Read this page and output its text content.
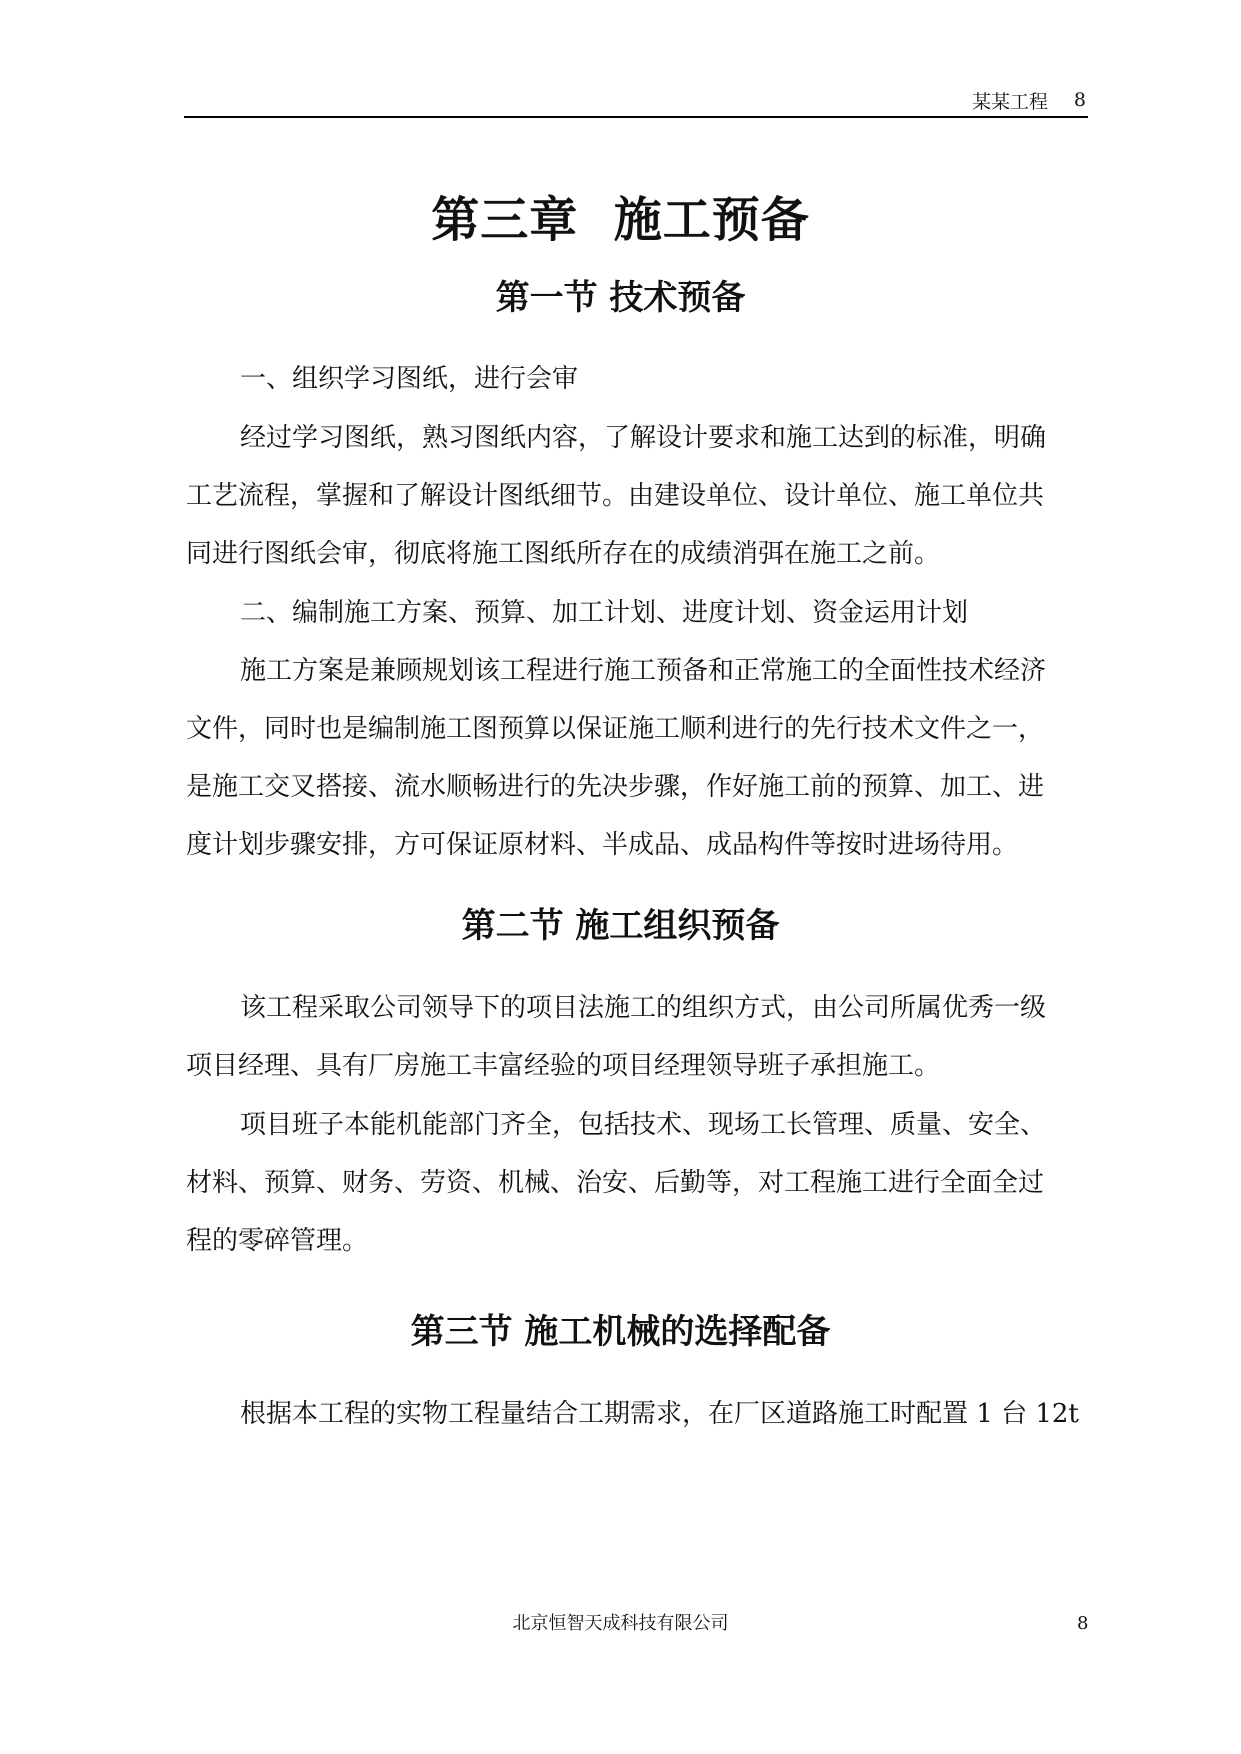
某某工程 8
第三章  施工预备
第一节 技术预备
一、组织学习图纸，进行会审
经过学习图纸，熟习图纸内容，了解设计要求和施工达到的标准，明确
工艺流程，掌握和了解设计图纸细节。由建设单位、设计单位、施工单位共
同进行图纸会审，彻底将施工图纸所存在的成绩消弭在施工之前。
二、编制施工方案、预算、加工计划、进度计划、资金运用计划
施工方案是兼顾规划该工程进行施工预备和正常施工的全面性技术经济
文件，同时也是编制施工图预算以保证施工顺利进行的先行技术文件之一，
是施工交叉搭接、流水顺畅进行的先决步骤，作好施工前的预算、加工、进
度计划步骤安排，方可保证原材料、半成品、成品构件等按时进场待用。
第二节 施工组织预备
该工程采取公司领导下的项目法施工的组织方式，由公司所属优秀一级
项目经理、具有厂房施工丰富经验的项目经理领导班子承担施工。
项目班子本能机能部门齐全，包括技术、现场工长管理、质量、安全、
材料、预算、财务、劳资、机械、治安、后勤等，对工程施工进行全面全过
程的零碎管理。
第三节 施工机械的选择配备
根据本工程的实物工程量结合工期需求，在厂区道路施工时配置 1 台 12t
北京恒智天成科技有限公司	8
